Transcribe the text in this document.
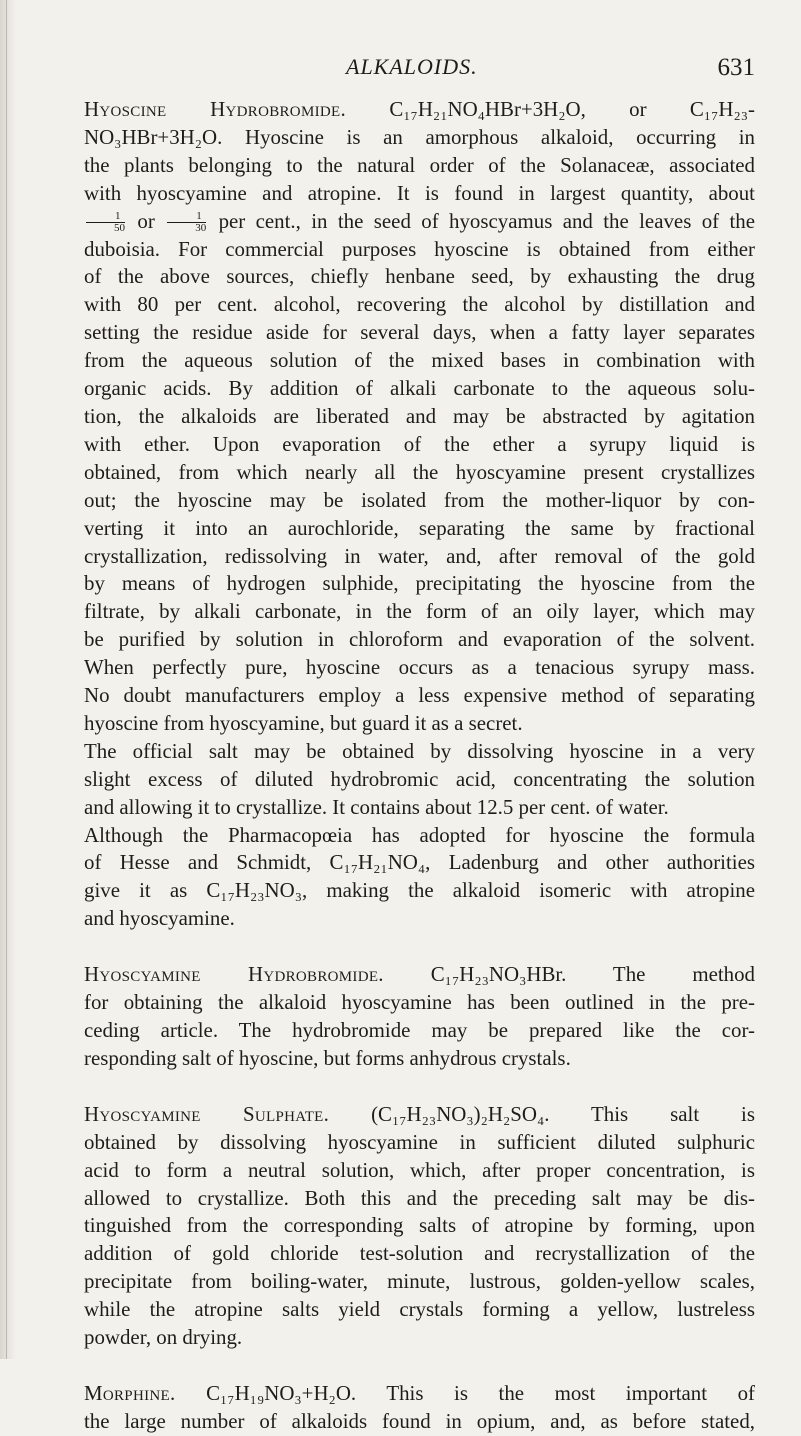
ALKALOIDS.	631

Hyoscine Hydrobromide. C₁₇H₂₁NO₄HBr+3H₂O, or C₁₇H₂₃-
NO₃HBr+3H₂O. Hyoscine is an amorphous alkaloid, occurring in
the plants belonging to the natural order of the Solanaceæ, associated
with hyoscyamine and atropine. It is found in largest quantity, about
$\frac{1}{50}$ or $\frac{1}{30}$ per cent., in the seed of hyoscyamus and the leaves of the
duboisia. For commercial purposes hyoscine is obtained from either
of the above sources, chiefly henbane seed, by exhausting the drug
with 80 per cent. alcohol, recovering the alcohol by distillation and
setting the residue aside for several days, when a fatty layer separates
from the aqueous solution of the mixed bases in combination with
organic acids. By addition of alkali carbonate to the aqueous solu-
tion, the alkaloids are liberated and may be abstracted by agitation
with ether. Upon evaporation of the ether a syrupy liquid is
obtained, from which nearly all the hyoscyamine present crystallizes
out; the hyoscine may be isolated from the mother-liquor by con-
verting it into an aurochloride, separating the same by fractional
crystallization, redissolving in water, and, after removal of the gold
by means of hydrogen sulphide, precipitating the hyoscine from the
filtrate, by alkali carbonate, in the form of an oily layer, which may
be purified by solution in chloroform and evaporation of the solvent.
When perfectly pure, hyoscine occurs as a tenacious syrupy mass.
No doubt manufacturers employ a less expensive method of separating
hyoscine from hyoscyamine, but guard it as a secret.

The official salt may be obtained by dissolving hyoscine in a very
slight excess of diluted hydrobromic acid, concentrating the solution
and allowing it to crystallize. It contains about 12.5 per cent. of water.

Although the Pharmacopœia has adopted for hyoscine the formula
of Hesse and Schmidt, C₁₇H₂₁NO₄, Ladenburg and other authorities
give it as C₁₇H₂₃NO₃, making the alkaloid isomeric with atropine
and hyoscyamine.

Hyoscyamine Hydrobromide. C₁₇H₂₃NO₃HBr. The method
for obtaining the alkaloid hyoscyamine has been outlined in the pre-
ceding article. The hydrobromide may be prepared like the cor-
responding salt of hyoscine, but forms anhydrous crystals.

Hyoscyamine Sulphate. (C₁₇H₂₃NO₃)₂H₂SO₄. This salt is
obtained by dissolving hyoscyamine in sufficient diluted sulphuric
acid to form a neutral solution, which, after proper concentration, is
allowed to crystallize. Both this and the preceding salt may be dis-
tinguished from the corresponding salts of atropine by forming, upon
addition of gold chloride test-solution and recrystallization of the
precipitate from boiling-water, minute, lustrous, golden-yellow scales,
while the atropine salts yield crystals forming a yellow, lustreless
powder, on drying.

Morphine. C₁₇H₁₉NO₃+H₂O. This is the most important of
the large number of alkaloids found in opium, and, as before stated,
